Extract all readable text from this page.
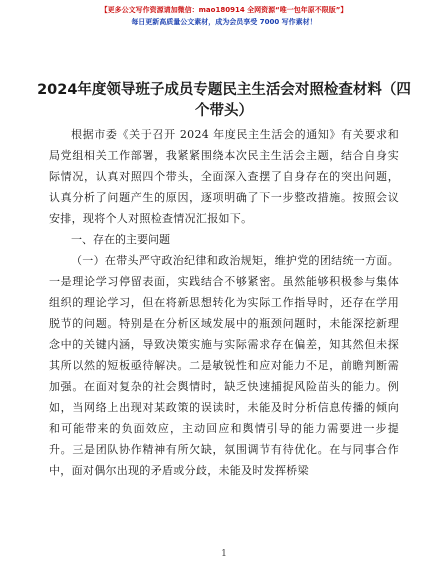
【更多公文写作资源请加微信：mao180914 全网资源“唯一包年原不限版”】
每日更新高质量公文素材，成为会员享受 7000 写作素材！
2024年度领导班子成员专题民主生活会对照检查材料（四个带头）

根据市委《关于召开 2024 年度民主生活会的通知》有关要求和局党组相关工作部署，我紧紧围绕本次民主生活会主题，结合自身实际情况，认真对照四个带头，全面深入查摆了自身存在的突出问题，认真分析了问题产生的原因，逐项明确了下一步整改措施。按照会议安排，现将个人对照检查情况汇报如下。

一、存在的主要问题

（一）在带头严守政治纪律和政治规矩，维护党的团结统一方面。一是理论学习停留表面，实践结合不够紧密。虽然能够积极参与集体组织的理论学习，但在将新思想转化为实际工作指导时，还存在学用脱节的问题。特别是在分析区域发展中的瓶颈问题时，未能深挖新理念中的关键内涵，导致决策实施与实际需求存在偏差，知其然但未探其所以然的短板亟待解决。二是敏锐性和应对能力不足，前瞻判断需加强。在面对复杂的社会舆情时，缺乏快速捕捉风险苗头的能力。例如，当网络上出现对某政策的误读时，未能及时分析信息传播的倾向和可能带来的负面效应，主动回应和舆情引导的能力需要进一步提升。三是团队协作精神有所欠缺，氛围调节有待优化。在与同事合作中，面对偶尔出现的矛盾或分歧，未能及时发挥桥梁

1
